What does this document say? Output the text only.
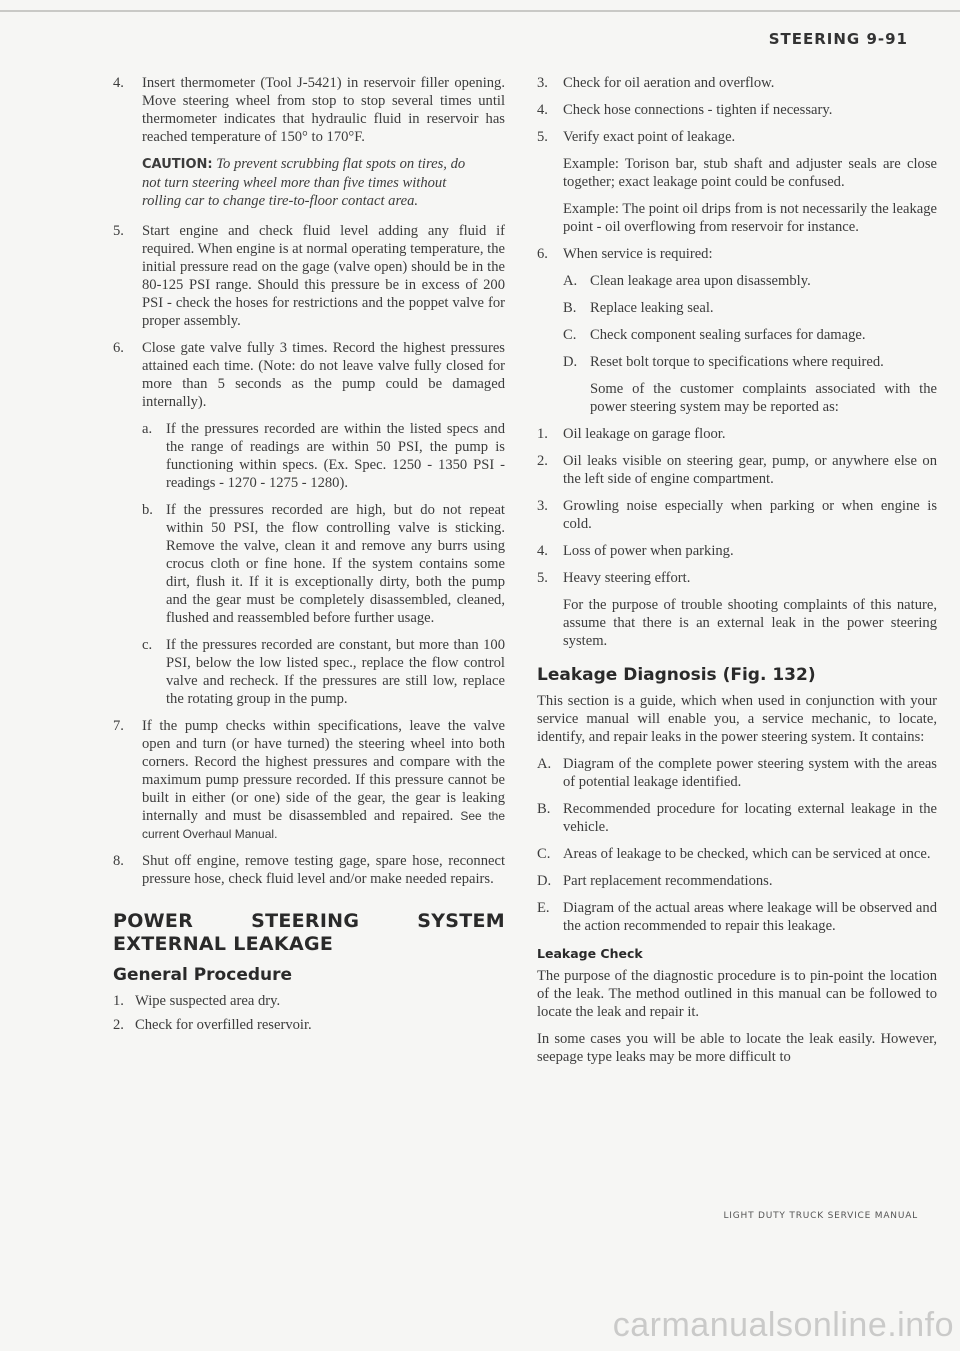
STEERING 9-91
4.	Insert thermometer (Tool J-5421) in reservoir filler opening. Move steering wheel from stop to stop several times until thermometer indicates that hydraulic fluid in reservoir has reached temperature of 150° to 170°F.
CAUTION: To prevent scrubbing flat spots on tires, do not turn steering wheel more than five times without rolling car to change tire-to-floor contact area.
5.	Start engine and check fluid level adding any fluid if required. When engine is at normal operating temperature, the initial pressure read on the gage (valve open) should be in the 80-125 PSI range. Should this pressure be in excess of 200 PSI - check the hoses for restrictions and the poppet valve for proper assembly.
6.	Close gate valve fully 3 times. Record the highest pressures attained each time. (Note: do not leave valve fully closed for more than 5 seconds as the pump could be damaged internally).
a. If the pressures recorded are within the listed specs and the range of readings are within 50 PSI, the pump is functioning within specs. (Ex. Spec. 1250 - 1350 PSI - readings - 1270 - 1275 - 1280).
b. If the pressures recorded are high, but do not repeat within 50 PSI, the flow controlling valve is sticking. Remove the valve, clean it and remove any burrs using crocus cloth or fine hone. If the system contains some dirt, flush it. If it is exceptionally dirty, both the pump and the gear must be completely disassembled, cleaned, flushed and reassembled before further usage.
c. If the pressures recorded are constant, but more than 100 PSI, below the low listed spec., replace the flow control valve and recheck. If the pressures are still low, replace the rotating group in the pump.
7.	If the pump checks within specifications, leave the valve open and turn (or have turned) the steering wheel into both corners. Record the highest pressures and compare with the maximum pump pressure recorded. If this pressure cannot be built in either (or one) side of the gear, the gear is leaking internally and must be disassembled and repaired. See the current Overhaul Manual.
8.	Shut off engine, remove testing gage, spare hose, reconnect pressure hose, check fluid level and/or make needed repairs.
POWER STEERING SYSTEM EXTERNAL LEAKAGE
General Procedure
1. Wipe suspected area dry.
2. Check for overfilled reservoir.
3.	Check for oil aeration and overflow.
4.	Check hose connections - tighten if necessary.
5.	Verify exact point of leakage.
Example: Torison bar, stub shaft and adjuster seals are close together; exact leakage point could be confused.
Example: The point oil drips from is not necessarily the leakage point - oil overflowing from reservoir for instance.
6.	When service is required:
A. Clean leakage area upon disassembly.
B. Replace leaking seal.
C. Check component sealing surfaces for damage.
D. Reset bolt torque to specifications where required.
Some of the customer complaints associated with the power steering system may be reported as:
1.	Oil leakage on garage floor.
2.	Oil leaks visible on steering gear, pump, or anywhere else on the left side of engine compartment.
3.	Growling noise especially when parking or when engine is cold.
4.	Loss of power when parking.
5.	Heavy steering effort.
For the purpose of trouble shooting complaints of this nature, assume that there is an external leak in the power steering system.
Leakage Diagnosis (Fig. 132)
This section is a guide, which when used in conjunction with your service manual will enable you, a service mechanic, to locate, identify, and repair leaks in the power steering system. It contains:
A. Diagram of the complete power steering system with the areas of potential leakage identified.
B. Recommended procedure for locating external leakage in the vehicle.
C. Areas of leakage to be checked, which can be serviced at once.
D. Part replacement recommendations.
E. Diagram of the actual areas where leakage will be observed and the action recommended to repair this leakage.
Leakage Check
The purpose of the diagnostic procedure is to pin-point the location of the leak. The method outlined in this manual can be followed to locate the leak and repair it.
In some cases you will be able to locate the leak easily. However, seepage type leaks may be more difficult to
LIGHT DUTY TRUCK SERVICE MANUAL
carmanualsonline.info
